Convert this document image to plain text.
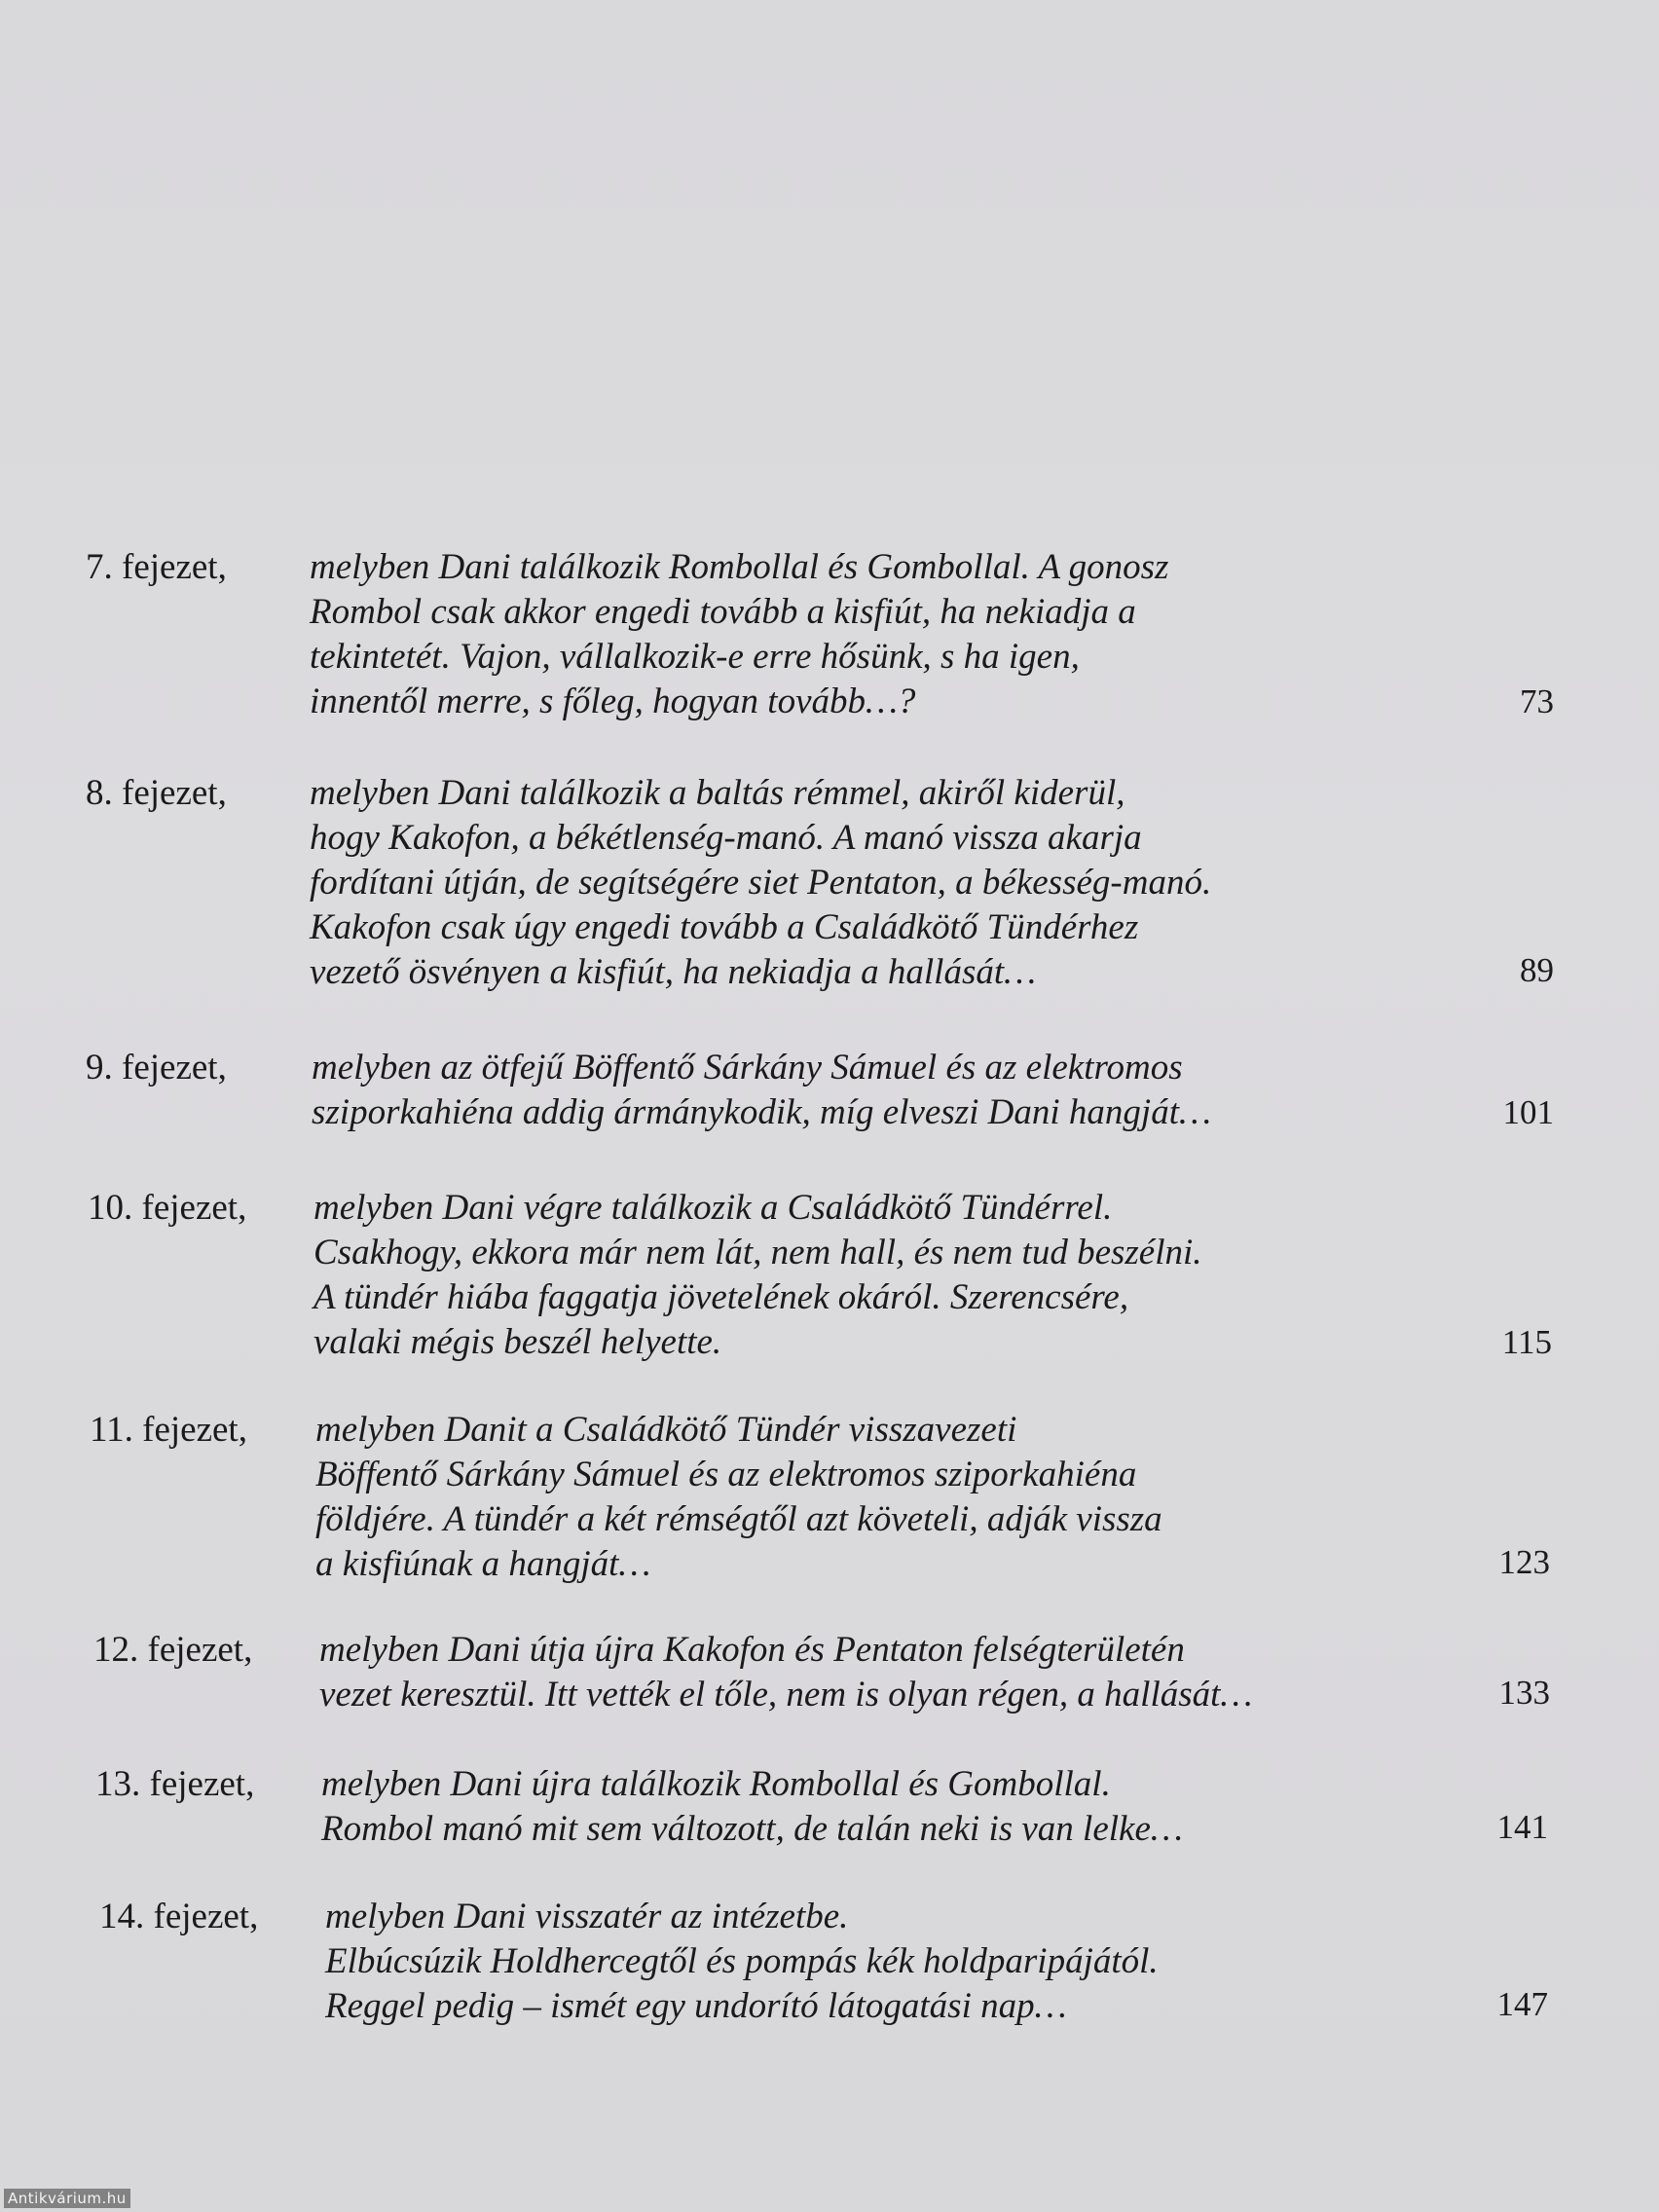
7. fejezet, melyben Dani találkozik Rombollal és Gombollal. A gonosz
Rombol csak akkor engedi tovább a kisfiút, ha nekiadja a
tekintetét. Vajon, vállalkozik-e erre hősünk, s ha igen,
innentől merre, s főleg, hogyan tovább…?	73
8. fejezet, melyben Dani találkozik a baltás rémmel, akiről kiderül,
hogy Kakofon, a békétlenség-manó. A manó vissza akarja
fordítani útján, de segítségére siet Pentaton, a békesség-manó.
Kakofon csak úgy engedi tovább a Családkötő Tündérhez
vezető ösvényen a kisfiút, ha nekiadja a hallását…	89
9. fejezet, melyben az ötfejű Böffentő Sárkány Sámuel és az elektromos
sziporkahiéna addig ármánykodik, míg elveszi Dani hangját…	101
10. fejezet, melyben Dani végre találkozik a Családkötő Tündérrel.
Csakhogy, ekkora már nem lát, nem hall, és nem tud beszélni.
A tündér hiába faggatja jövetelének okáról. Szerencsére,
valaki mégis beszél helyette.	115
11. fejezet, melyben Danit a Családkötő Tündér visszavezeti
Böffentő Sárkány Sámuel és az elektromos sziporkahiéna
földjére. A tündér a két rémségtől azt követeli, adják vissza
a kisfiúnak a hangját…	123
12. fejezet, melyben Dani útja újra Kakofon és Pentaton felségterületén
vezet keresztül. Itt vették el tőle, nem is olyan régen, a hallását…	133
13. fejezet, melyben Dani újra találkozik Rombollal és Gombollal.
Rombol manó mit sem változott, de talán neki is van lelke…	141
14. fejezet, melyben Dani visszatér az intézetbe.
Elbúcsúzik Holdhercegtől és pompás kék holdparipájától.
Reggel pedig – ismét egy undorító látogatási nap…	147
Antikvárium.hu
